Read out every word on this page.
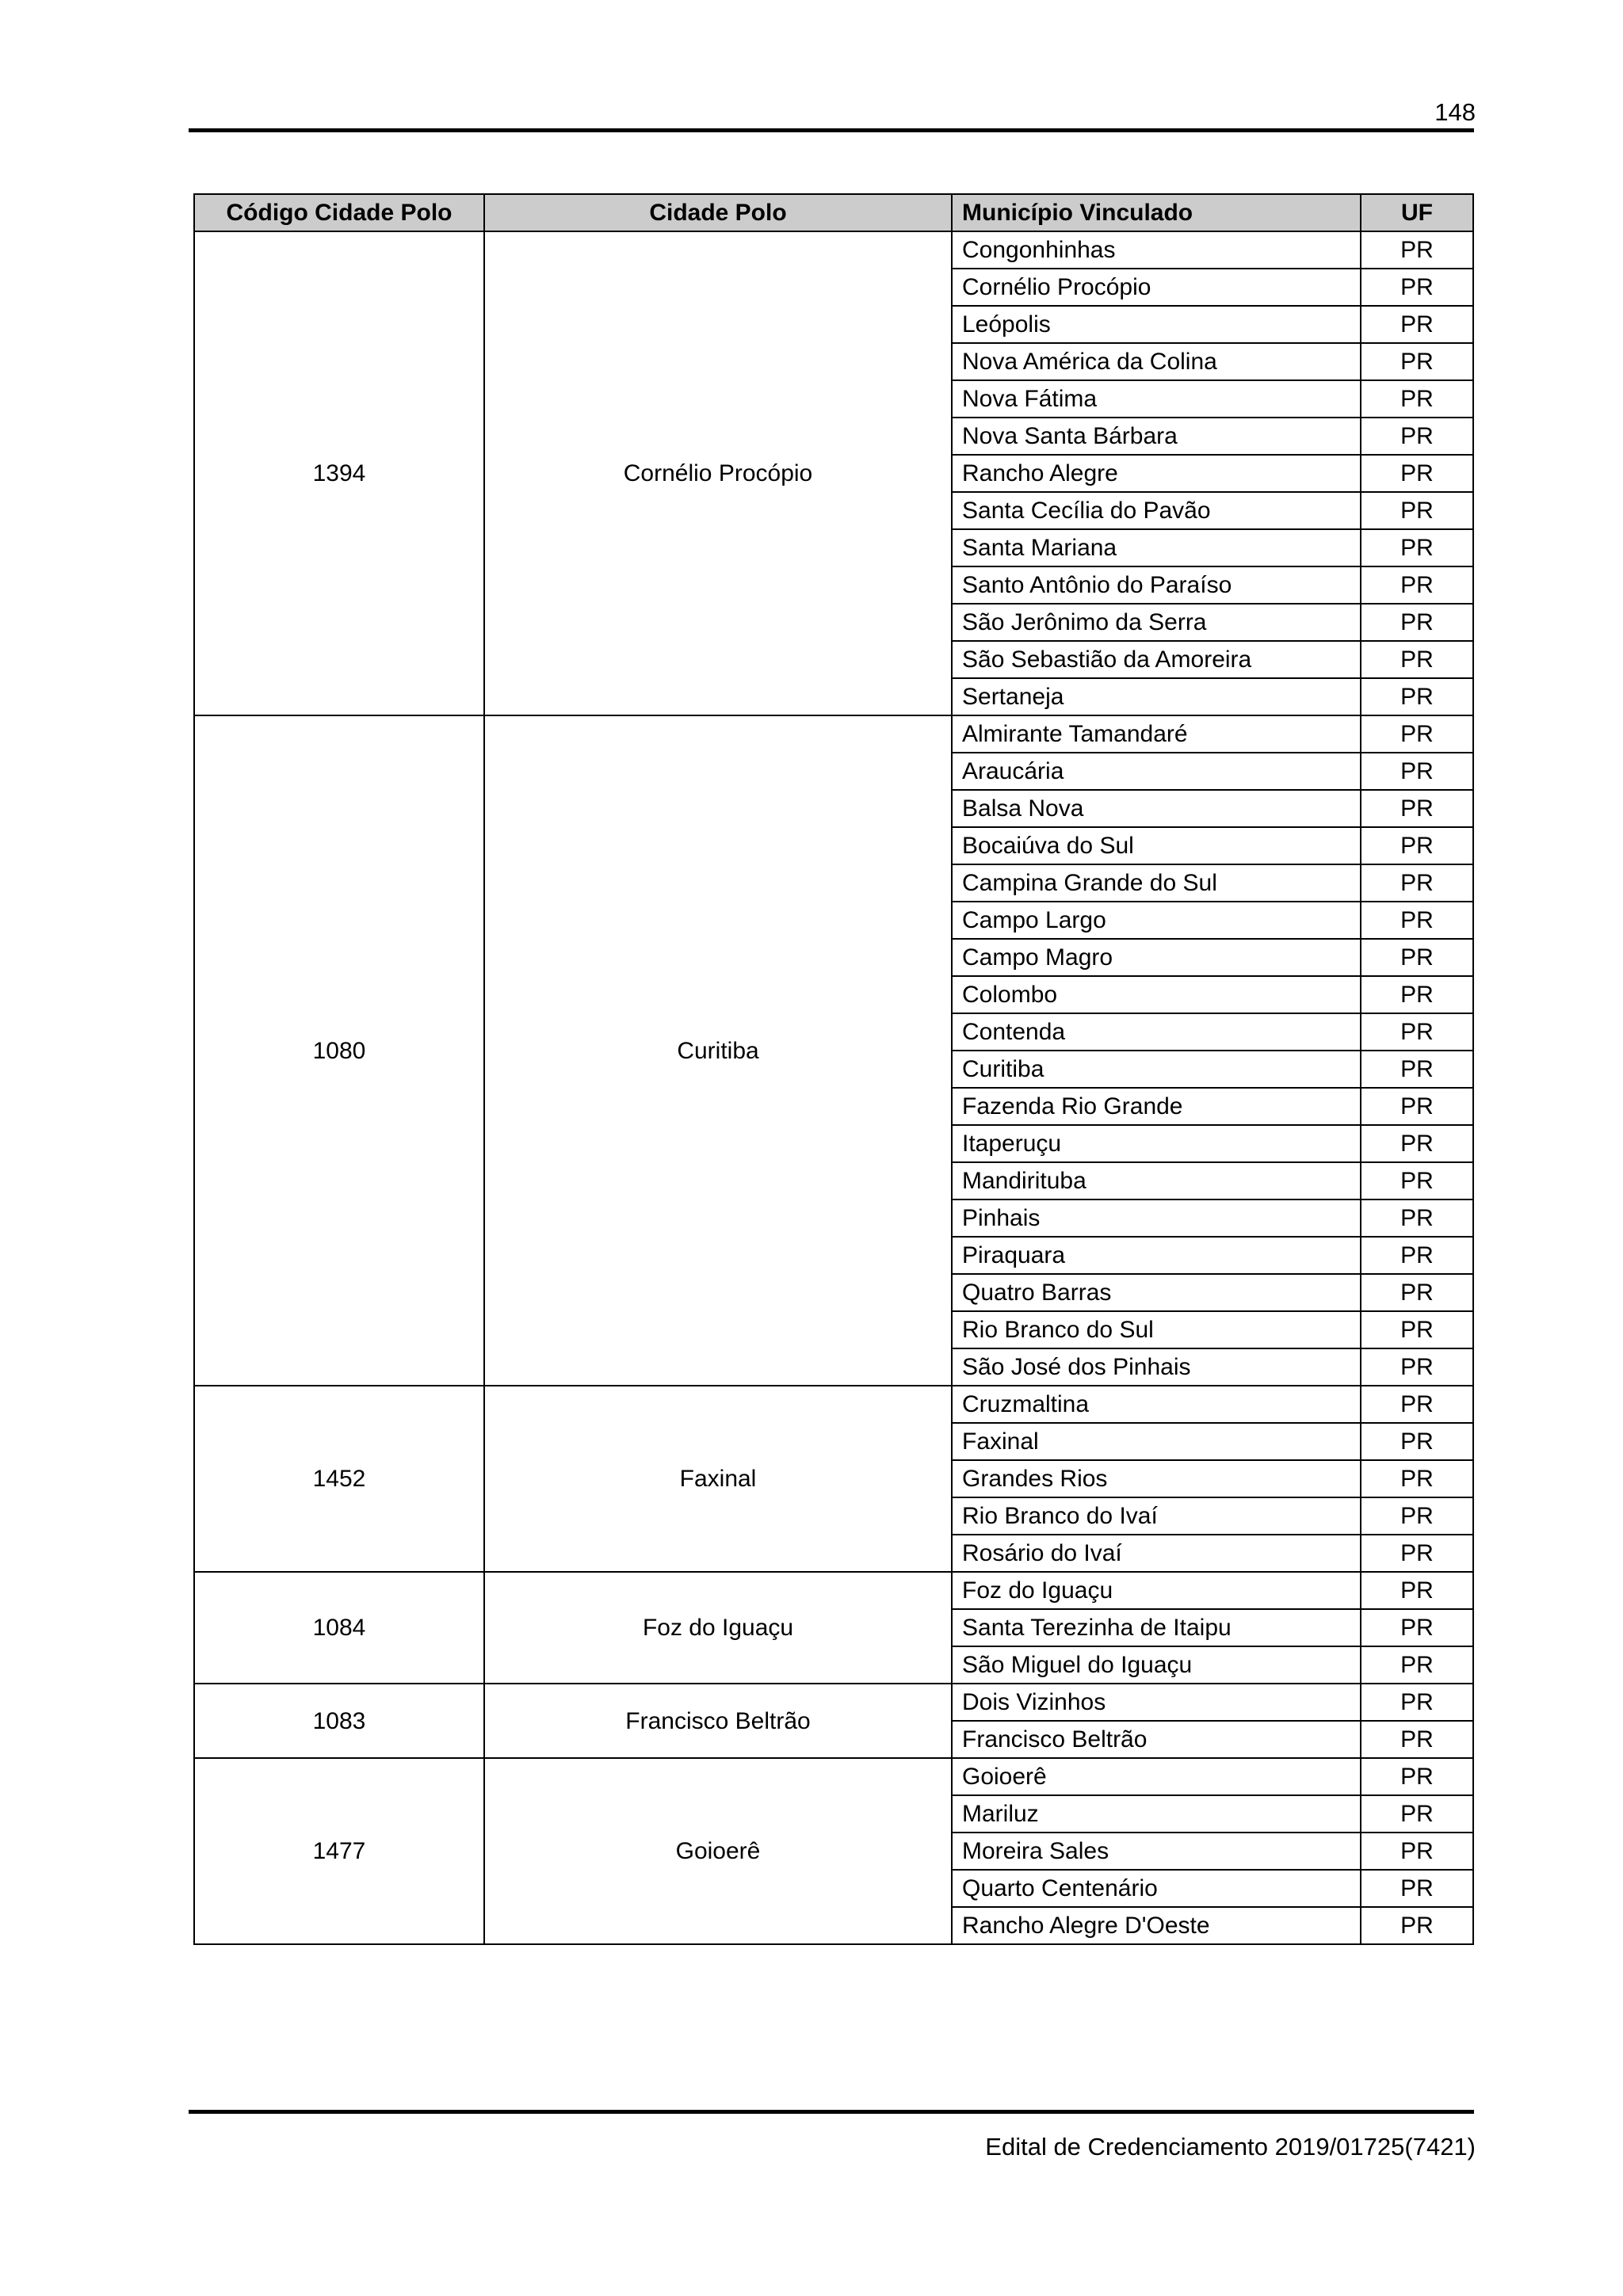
148
Código Cidade Polo	Cidade Polo	Município Vinculado	UF
1394	Cornélio Procópio	Congonhinhas	PR
		Cornélio Procópio	PR
		Leópolis	PR
		Nova América da Colina	PR
		Nova Fátima	PR
		Nova Santa Bárbara	PR
		Rancho Alegre	PR
		Santa Cecília do Pavão	PR
		Santa Mariana	PR
		Santo Antônio do Paraíso	PR
		São Jerônimo da Serra	PR
		São Sebastião da Amoreira	PR
		Sertaneja	PR
1080	Curitiba	Almirante Tamandaré	PR
		Araucária	PR
		Balsa Nova	PR
		Bocaiúva do Sul	PR
		Campina Grande do Sul	PR
		Campo Largo	PR
		Campo Magro	PR
		Colombo	PR
		Contenda	PR
		Curitiba	PR
		Fazenda Rio Grande	PR
		Itaperuçu	PR
		Mandirituba	PR
		Pinhais	PR
		Piraquara	PR
		Quatro Barras	PR
		Rio Branco do Sul	PR
		São José dos Pinhais	PR
1452	Faxinal	Cruzmaltina	PR
		Faxinal	PR
		Grandes Rios	PR
		Rio Branco do Ivaí	PR
		Rosário do Ivaí	PR
1084	Foz do Iguaçu	Foz do Iguaçu	PR
		Santa Terezinha de Itaipu	PR
		São Miguel do Iguaçu	PR
1083	Francisco Beltrão	Dois Vizinhos	PR
		Francisco Beltrão	PR
1477	Goioerê	Goioerê	PR
		Mariluz	PR
		Moreira Sales	PR
		Quarto Centenário	PR
		Rancho Alegre D'Oeste	PR
Edital de Credenciamento 2019/01725(7421)
